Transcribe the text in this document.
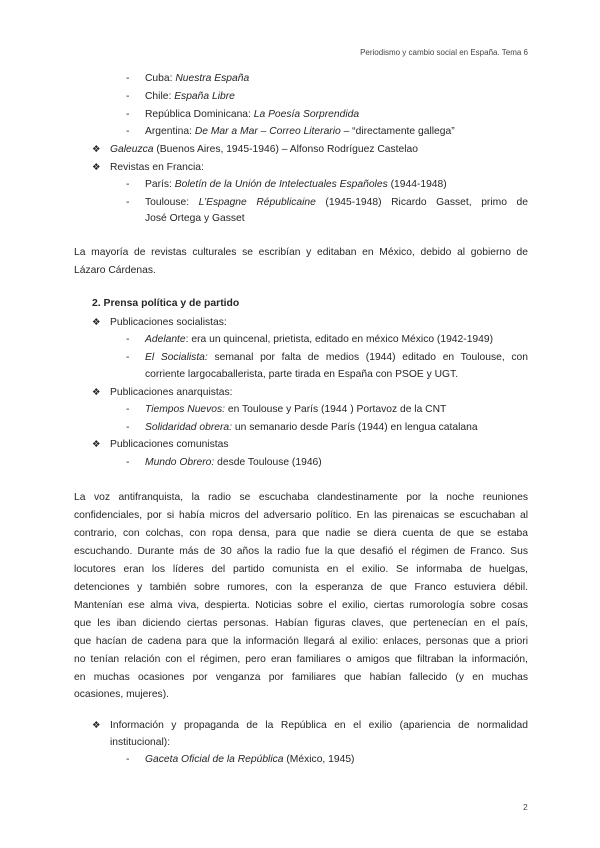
Periodismo y cambio social en España. Tema 6
- Cuba: Nuestra España
- Chile: España Libre
- República Dominicana: La Poesía Sorprendida
- Argentina: De Mar a Mar – Correo Literario – “directamente gallega”
❖ Galeuzca (Buenos Aires, 1945-1946) – Alfonso Rodríguez Castelao
❖ Revistas en Francia:
- París: Boletín de la Unión de Intelectuales Españoles (1944-1948)
- Toulouse: L’Espagne Républicaine (1945-1948) Ricardo Gasset, primo de
José Ortega y Gasset
La mayoría de revistas culturales se escribían y editaban en México, debido al gobierno de
Lázaro Cárdenas.
2. Prensa política y de partido
❖ Publicaciones socialistas:
- Adelante: era un quincenal, prietista, editado en méxico México (1942-1949)
- El Socialista: semanal por falta de medios (1944) editado en Toulouse, con
corriente largocaballerista, parte tirada en España con PSOE y UGT.
❖ Publicaciones anarquistas:
- Tiempos Nuevos: en Toulouse y París (1944 ) Portavoz de la CNT
- Solidaridad obrera: un semanario desde París (1944) en lengua catalana
❖ Publicaciones comunistas
- Mundo Obrero: desde Toulouse (1946)
La voz antifranquista, la radio se escuchaba clandestinamente por la noche reuniones
confidenciales, por si había micros del adversario político. En las pirenaicas se escuchaban al
contrario, con colchas, con ropa densa, para que nadie se diera cuenta de que se estaba
escuchando. Durante más de 30 años la radio fue la que desafió el régimen de Franco. Sus
locutores eran los líderes del partido comunista en el exilio. Se informaba de huelgas,
detenciones y también sobre rumores, con la esperanza de que Franco estuviera débil.
Mantenían ese alma viva, despierta. Noticias sobre el exilio, ciertas rumorología sobre cosas
que les iban diciendo ciertas personas. Habían figuras claves, que pertenecían en el país,
que hacían de cadena para que la información llegará al exilio: enlaces, personas que a priori
no tenían relación con el régimen, pero eran familiares o amigos que filtraban la información,
en muchas ocasiones por venganza por familiares que habían fallecido (y en muchas
ocasiones, mujeres).
❖ Información y propaganda de la República en el exilio (apariencia de normalidad
institucional):
- Gaceta Oficial de la República (México, 1945)
2
